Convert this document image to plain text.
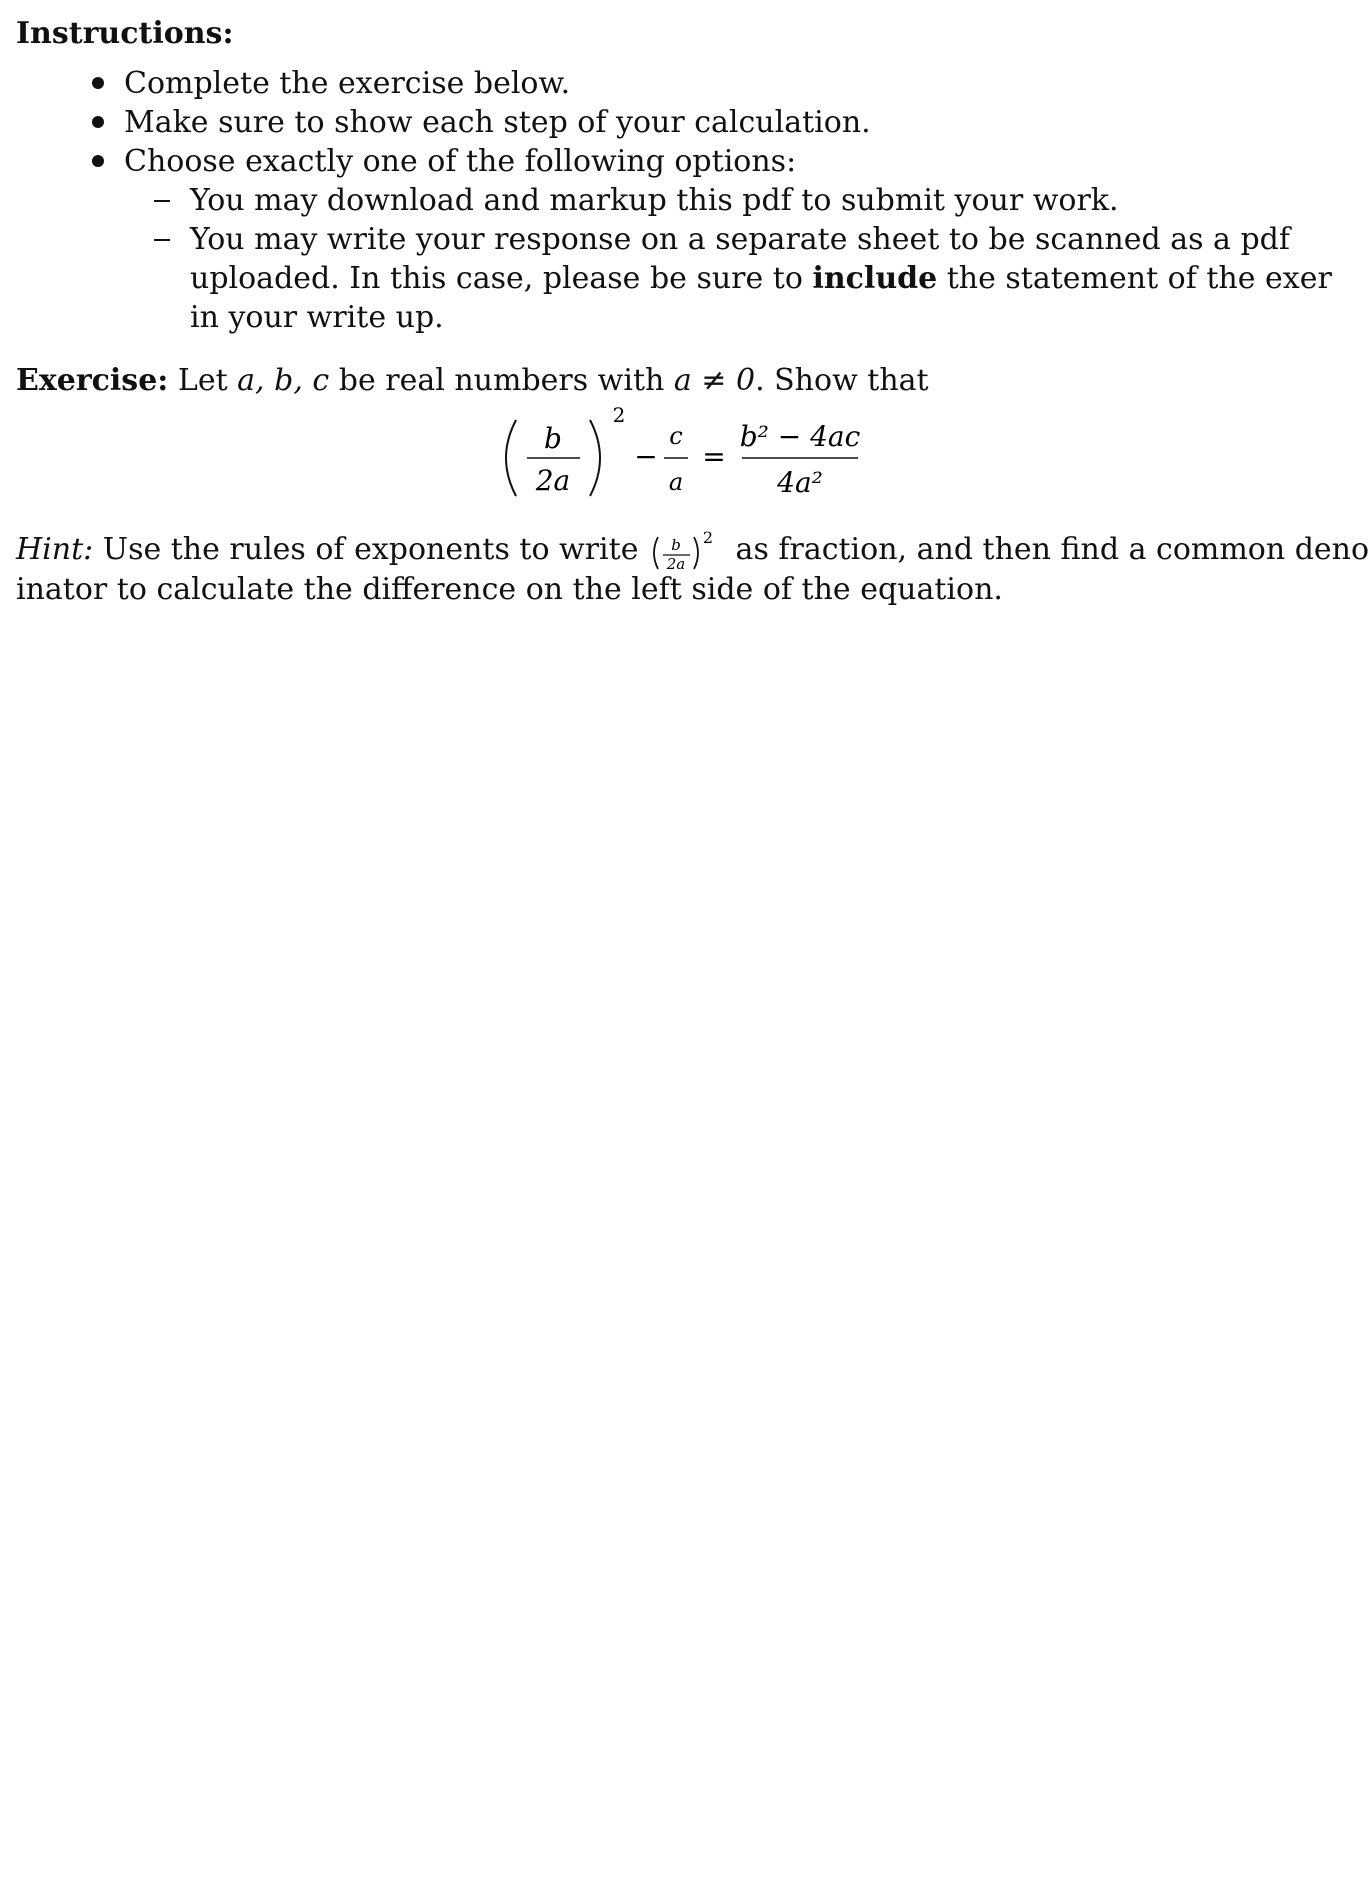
Instructions:
Complete the exercise below.
Make sure to show each step of your calculation.
Choose exactly one of the following options:
You may download and markup this pdf to submit your work.
You may write your response on a separate sheet to be scanned as a pdf
uploaded. In this case, please be sure to include the statement of the exer
in your write up.
Exercise: Let a, b, c be real numbers with a ≠ 0. Show that
b
2a
2
−
c
a
=
b² − 4ac
4a²
Hint: Use the rules of exponents to write b
2a
2 as fraction, and then find a common deno
inator to calculate the difference on the left side of the equation.
